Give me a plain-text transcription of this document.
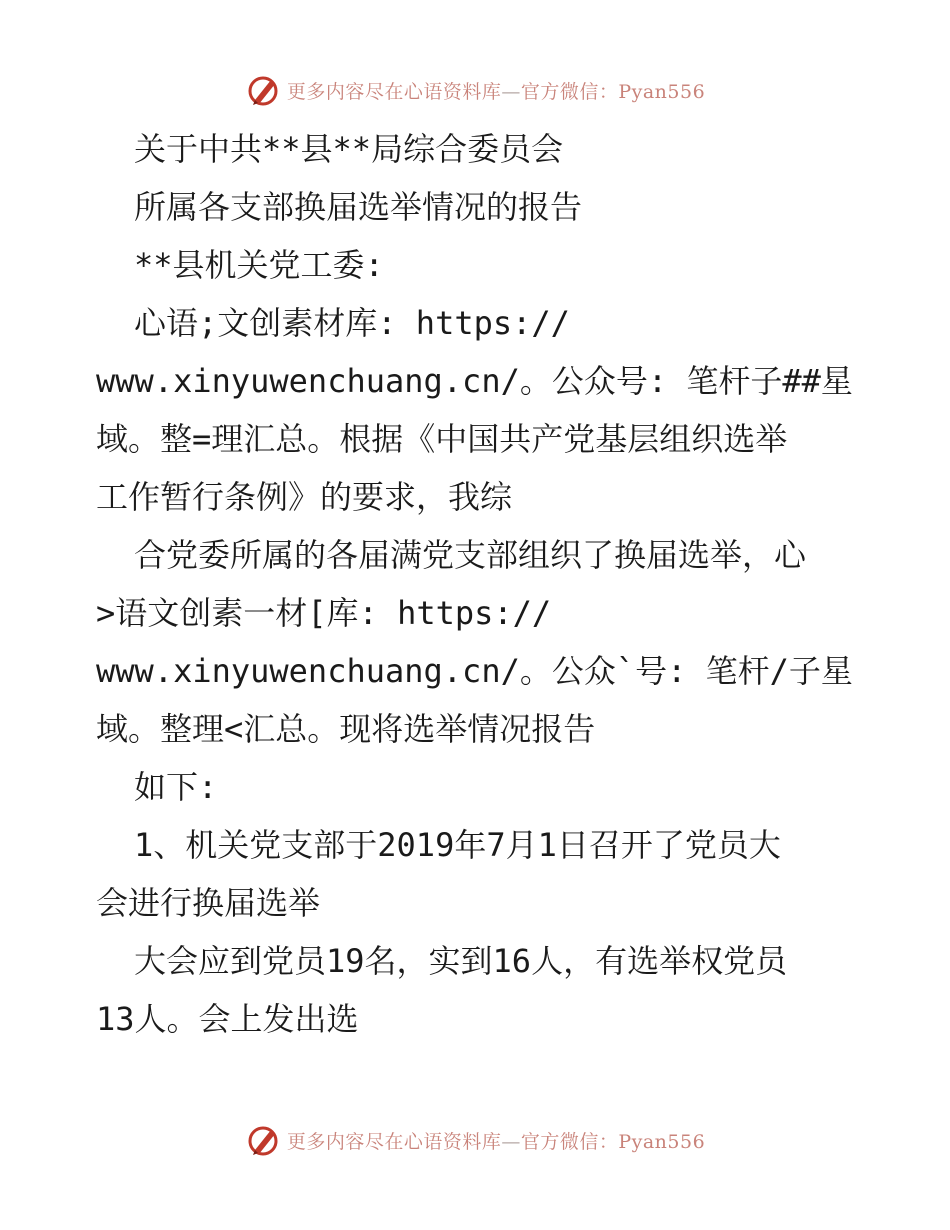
更多内容尽在心语资料库—官方微信：Pyan556
关于中共**县**局综合委员会
所属各支部换届选举情况的报告
**县机关党工委:
心语;文创素材库: https://
www.xinyuwenchuang.cn/。公众号: 笔杆子##星
域。整=理汇总。根据《中国共产党基层组织选举
工作暂行条例》的要求，我综
合党委所属的各届满党支部组织了换届选举，心
>语文创素一材[库: https://
www.xinyuwenchuang.cn/。公众`号: 笔杆/子星
域。整理<汇总。现将选举情况报告
如下:
1、机关党支部于2019年7月1日召开了党员大
会进行换届选举
大会应到党员19名，实到16人，有选举权党员
13人。会上发出选
更多内容尽在心语资料库—官方微信：Pyan556
